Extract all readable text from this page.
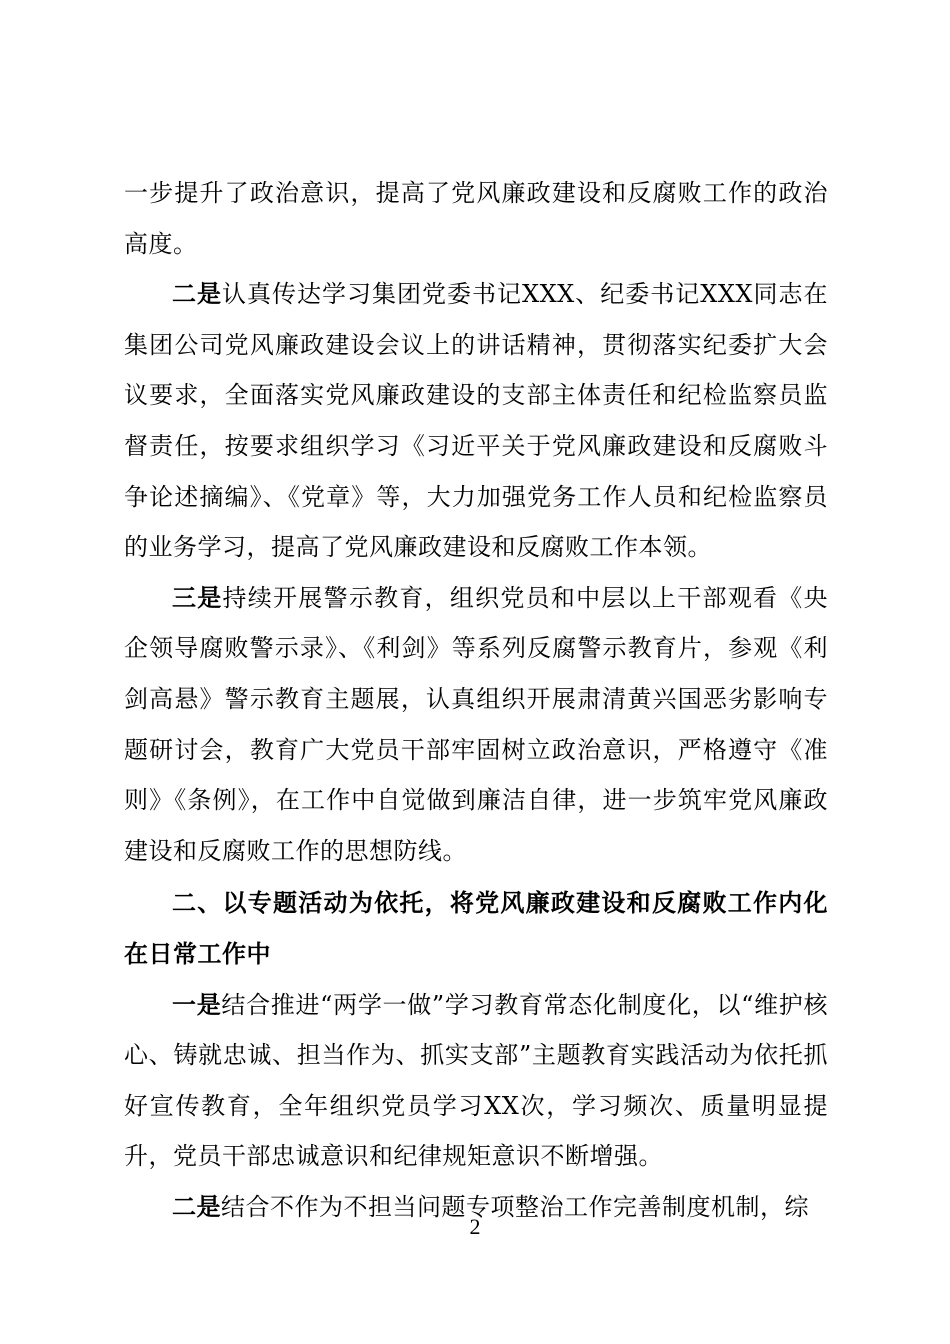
一步提升了政治意识，提高了党风廉政建设和反腐败工作的政治高度。

二是认真传达学习集团党委书记XXX、纪委书记XXX同志在集团公司党风廉政建设会议上的讲话精神，贯彻落实纪委扩大会议要求，全面落实党风廉政建设的支部主体责任和纪检监察员监督责任，按要求组织学习《习近平关于党风廉政建设和反腐败斗争论述摘编》、《党章》等，大力加强党务工作人员和纪检监察员的业务学习，提高了党风廉政建设和反腐败工作本领。

三是持续开展警示教育，组织党员和中层以上干部观看《央企领导腐败警示录》、《利剑》等系列反腐警示教育片，参观《利剑高悬》警示教育主题展，认真组织开展肃清黄兴国恶劣影响专题研讨会，教育广大党员干部牢固树立政治意识，严格遵守《准则》《条例》，在工作中自觉做到廉洁自律，进一步筑牢党风廉政建设和反腐败工作的思想防线。

二、以专题活动为依托，将党风廉政建设和反腐败工作内化在日常工作中

一是结合推进“两学一做”学习教育常态化制度化，以“维护核心、铸就忠诚、担当作为、抓实支部”主题教育实践活动为依托抓好宣传教育，全年组织党员学习XX次，学习频次、质量明显提升，党员干部忠诚意识和纪律规矩意识不断增强。

二是结合不作为不担当问题专项整治工作完善制度机制，综

2
